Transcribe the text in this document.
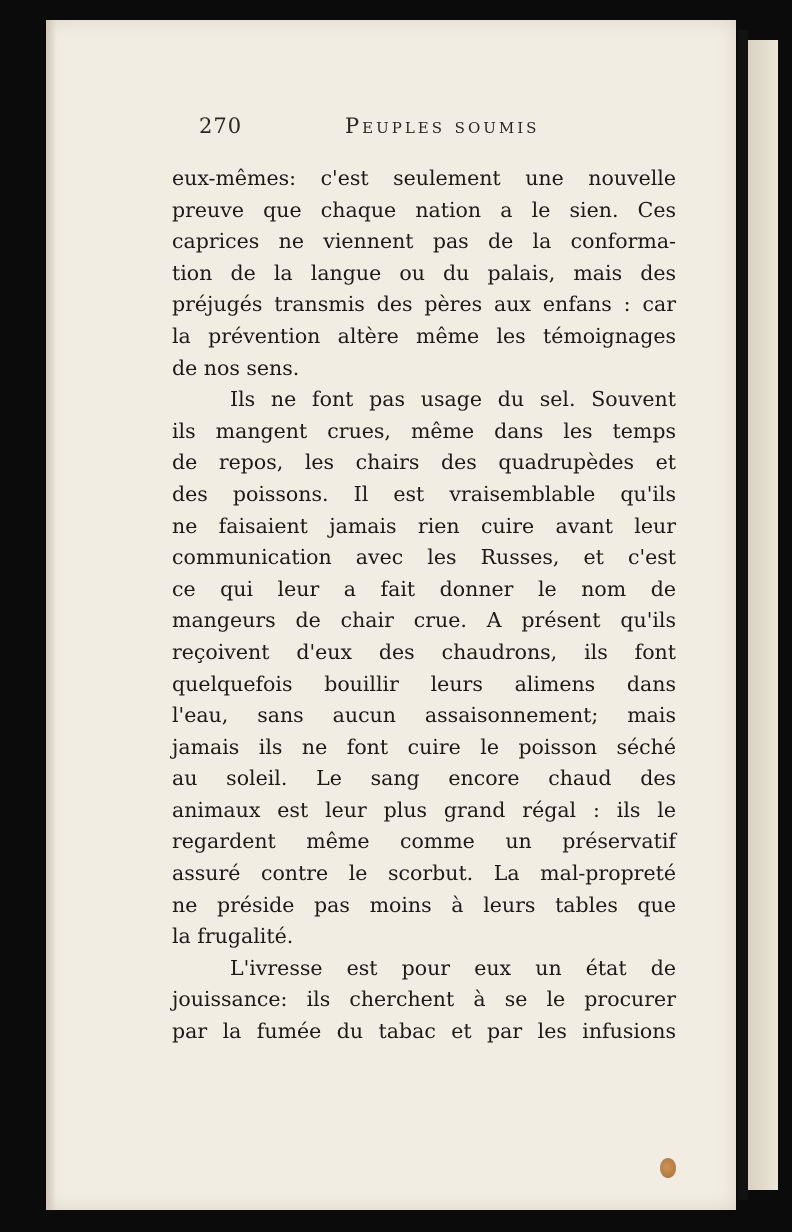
270	Peuples soumis
eux-mêmes: c'est seulement une nouvelle
preuve que chaque nation a le sien. Ces
caprices ne viennent pas de la conforma-
tion de la langue ou du palais, mais des
préjugés transmis des pères aux enfans : car
la prévention altère même les témoignages
de nos sens.
Ils ne font pas usage du sel. Souvent
ils mangent crues, même dans les temps
de repos, les chairs des quadrupèdes et
des poissons. Il est vraisemblable qu'ils
ne faisaient jamais rien cuire avant leur
communication avec les Russes, et c'est
ce qui leur a fait donner le nom de
mangeurs de chair crue. A présent qu'ils
reçoivent d'eux des chaudrons, ils font
quelquefois bouillir leurs alimens dans
l'eau, sans aucun assaisonnement; mais
jamais ils ne font cuire le poisson séché
au soleil. Le sang encore chaud des
animaux est leur plus grand régal : ils le
regardent même comme un préservatif
assuré contre le scorbut. La mal-propreté
ne préside pas moins à leurs tables que
la frugalité.
L'ivresse est pour eux un état de
jouissance: ils cherchent à se le procurer
par la fumée du tabac et par les infusions
